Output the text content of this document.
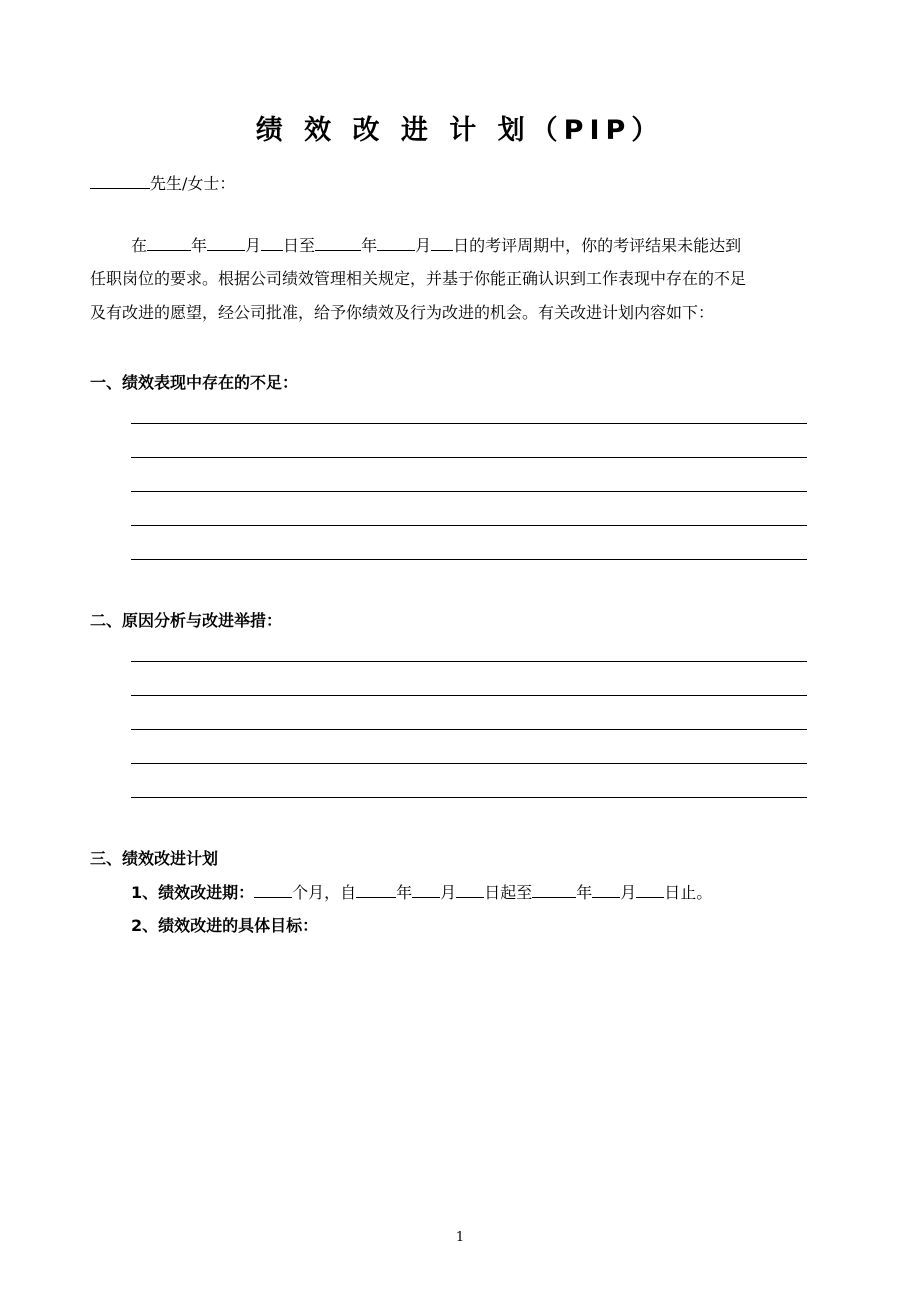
绩 效 改 进 计 划（PIP）
先生/女士：
在	年 月 日至	年 月 日的考评周期中，你的考评结果未能达到
任职岗位的要求。根据公司绩效管理相关规定，并基于你能正确认识到工作表现中存在的不足
及有改进的愿望，经公司批准，给予你绩效及行为改进的机会。有关改进计划内容如下：
一、绩效表现中存在的不足：
二、原因分析与改进举措：
三、绩效改进计划
1、绩效改进期： 个月，自	年 月 日起至	年 月 日止。
2、绩效改进的具体目标：
1
